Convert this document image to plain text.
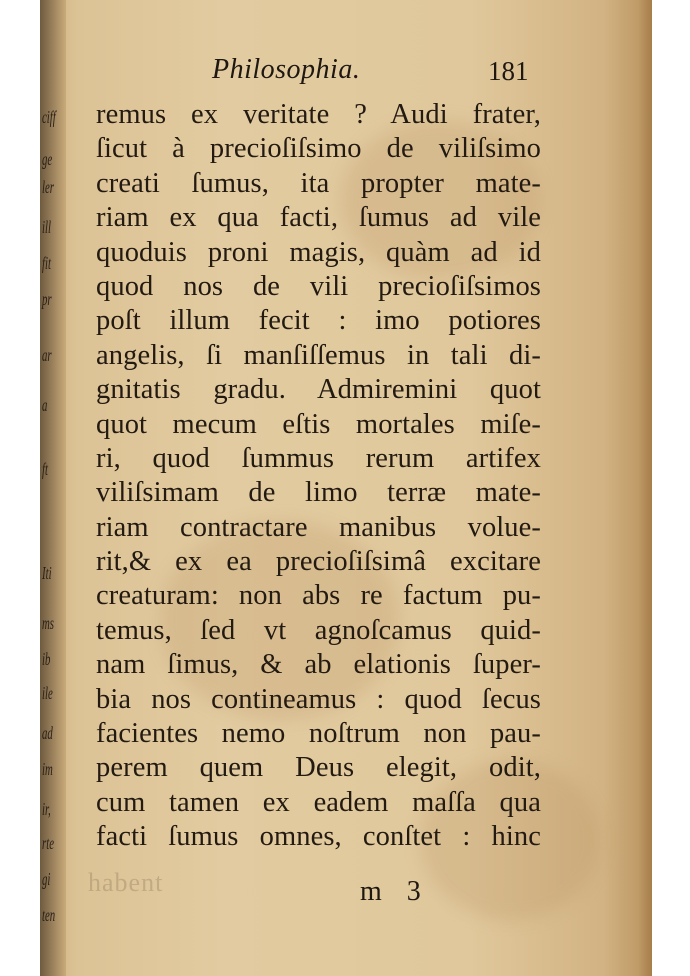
ciff
ge
ler
ill
fit
pr
ar
a
ft
Iti
ms
ib
ile
ad
im
ir,
rte
gi
ten
Philosophia.	181
remus ex veritate ? Audi frater,
ſicut à precioſiſsimo de viliſsimo
creati ſumus, ita propter mate-
riam ex qua facti, ſumus ad vile
quoduis proni magis, quàm ad id
quod nos de vili precioſiſsimos
poſt illum fecit : imo potiores
angelis, ſi manſiſſemus in tali di-
gnitatis gradu. Admiremini quot
quot mecum eſtis mortales miſe-
ri, quod ſummus rerum artifex
viliſsimam de limo terræ mate-
riam contractare manibus volue-
rit,& ex ea precioſiſsimâ excitare
creaturam: non abs re factum pu-
temus, ſed vt agnoſcamus quid-
nam ſimus, & ab elationis ſuper-
bia nos contineamus : quod ſecus
facientes nemo noſtrum non pau-
perem quem Deus elegit, odit,
cum tamen ex eadem maſſa qua
facti ſumus omnes, conſtet : hinc
habent	m 3
